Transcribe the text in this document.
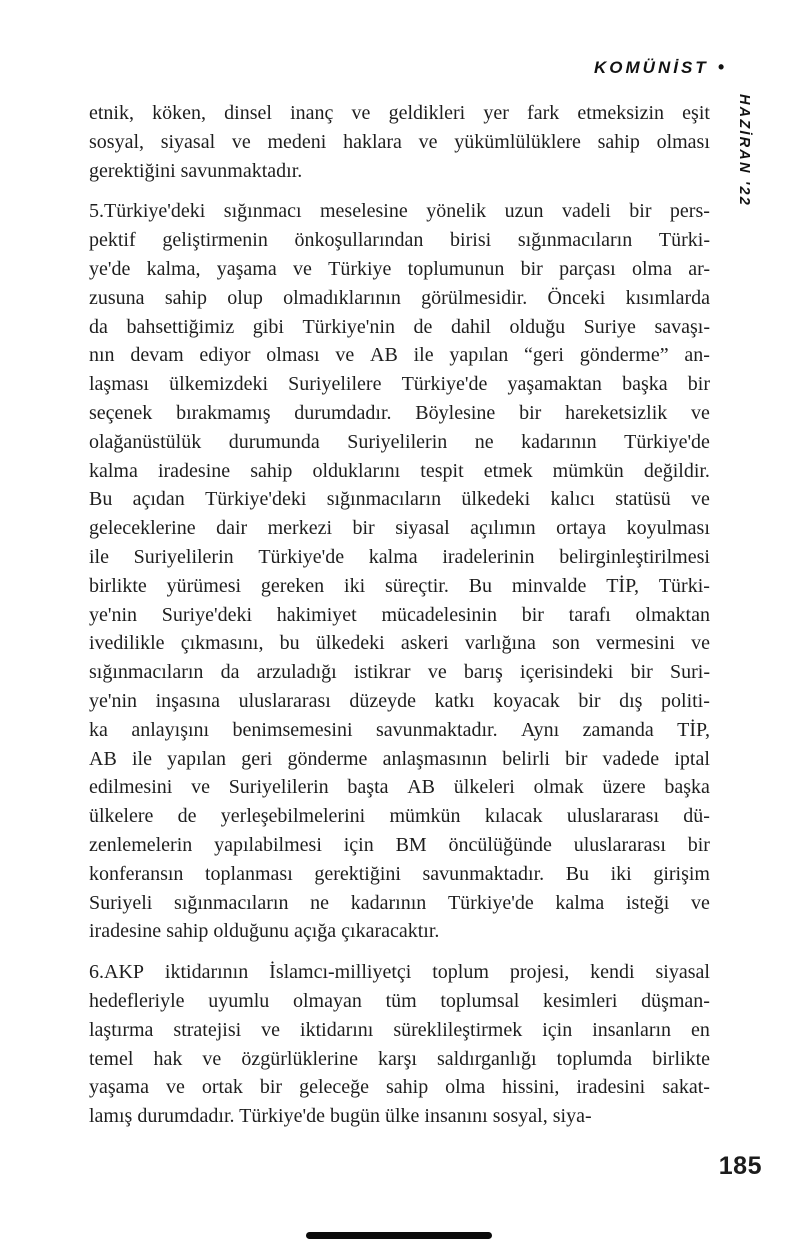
KOMÜNİST •
HAZİRAN '22
etnik, köken, dinsel inanç ve geldikleri yer fark etmeksizin eşit
sosyal, siyasal ve medeni haklara ve yükümlülüklere sahip olması
gerektiğini savunmaktadır.
5.Türkiye'deki sığınmacı meselesine yönelik uzun vadeli bir pers-
pektif geliştirmenin önkoşullarından birisi sığınmacıların Türki-
ye'de kalma, yaşama ve Türkiye toplumunun bir parçası olma ar-
zusuna sahip olup olmadıklarının görülmesidir. Önceki kısımlarda
da bahsettiğimiz gibi Türkiye'nin de dahil olduğu Suriye savaşı-
nın devam ediyor olması ve AB ile yapılan “geri gönderme” an-
laşması ülkemizdeki Suriyelilere Türkiye'de yaşamaktan başka bir
seçenek bırakmamış durumdadır. Böylesine bir hareketsizlik ve
olağanüstülük durumunda Suriyelilerin ne kadarının Türkiye'de
kalma iradesine sahip olduklarını tespit etmek mümkün değildir.
Bu açıdan Türkiye'deki sığınmacıların ülkedeki kalıcı statüsü ve
geleceklerine dair merkezi bir siyasal açılımın ortaya koyulması
ile Suriyelilerin Türkiye'de kalma iradelerinin belirginleştirilmesi
birlikte yürümesi gereken iki süreçtir. Bu minvalde TİP, Türki-
ye'nin Suriye'deki hakimiyet mücadelesinin bir tarafı olmaktan
ivedilikle çıkmasını, bu ülkedeki askeri varlığına son vermesini ve
sığınmacıların da arzuladığı istikrar ve barış içerisindeki bir Suri-
ye'nin inşasına uluslararası düzeyde katkı koyacak bir dış politi-
ka anlayışını benimsemesini savunmaktadır. Aynı zamanda TİP,
AB ile yapılan geri gönderme anlaşmasının belirli bir vadede iptal
edilmesini ve Suriyelilerin başta AB ülkeleri olmak üzere başka
ülkelere de yerleşebilmelerini mümkün kılacak uluslararası dü-
zenlemelerin yapılabilmesi için BM öncülüğünde uluslararası bir
konferansın toplanması gerektiğini savunmaktadır. Bu iki girişim
Suriyeli sığınmacıların ne kadarının Türkiye'de kalma isteği ve
iradesine sahip olduğunu açığa çıkaracaktır.
6.AKP iktidarının İslamcı-milliyetçi toplum projesi, kendi siyasal
hedefleriyle uyumlu olmayan tüm toplumsal kesimleri düşman-
laştırma stratejisi ve iktidarını süreklileştirmek için insanların en
temel hak ve özgürlüklerine karşı saldırganlığı toplumda birlikte
yaşama ve ortak bir geleceğe sahip olma hissini, iradesini sakat-
lamış durumdadır. Türkiye'de bugün ülke insanını sosyal, siya-
185
